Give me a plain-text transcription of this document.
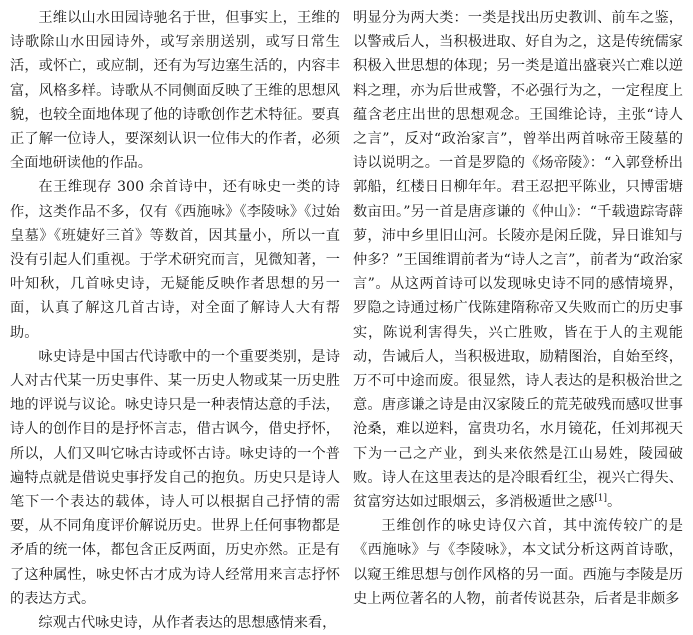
王维以山水田园诗驰名于世，但事实上，王维的诗歌除山水田园诗外，或写亲朋送别，或写日常生活，或怀亡，或应制，还有为写边塞生活的，内容丰富，风格多样。诗歌从不同侧面反映了王维的思想风貌，也较全面地体现了他的诗歌创作艺术特征。要真正了解一位诗人，要深刻认识一位伟大的作者，必须全面地研读他的作品。

在王维现存 300 余首诗中，还有咏史一类的诗作，这类作品不多，仅有《西施咏》《李陵咏》《过始皇墓》《班婕好三首》等数首，因其量小，所以一直没有引起人们重视。于学术研究而言，见微知著，一叶知秋，几首咏史诗，无疑能反映作者思想的另一面，认真了解这几首古诗，对全面了解诗人大有帮助。

咏史诗是中国古代诗歌中的一个重要类别，是诗人对古代某一历史事件、某一历史人物或某一历史胜地的评说与议论。咏史诗只是一种表情达意的手法，诗人的创作目的是抒怀言志，借古讽今，借史抒怀，所以，人们又叫它咏古诗或怀古诗。咏史诗的一个普遍特点就是借说史事抒发自己的抱负。历史只是诗人笔下一个表达的载体，诗人可以根据自己抒情的需要，从不同角度评价解说历史。世界上任何事物都是矛盾的统一体，都包含正反两面，历史亦然。正是有了这种属性，咏史怀古才成为诗人经常用来言志抒怀的表达方式。

综观古代咏史诗，从作者表达的思想感情来看，

明显分为两大类：一类是找出历史教训、前车之鉴，以警戒后人，当积极进取、好自为之，这是传统儒家积极入世思想的体现；另一类是道出盛衰兴亡难以逆料之理，亦为后世戒警，不必强行为之，一定程度上蕴含老庄出世的思想观念。王国维论诗，主张“诗人之言”，反对“政治家言”，曾举出两首咏帝王陵墓的诗以说明之。一首是罗隐的《炀帝陵》：“入郭登桥出郭船，红楼日日柳年年。君王忍把平陈业，只博雷塘数亩田。”另一首是唐彦谦的《仲山》：“千载遗踪寄薜萝，沛中乡里旧山河。长陵亦是闲丘陇，异日谁知与仲多？”王国维谓前者为“诗人之言”，前者为“政治家言”。从这两首诗可以发现咏史诗不同的感情境界，罗隐之诗通过杨广伐陈建隋称帝又失败而亡的历史事实，陈说利害得失，兴亡胜败，皆在于人的主观能动，告诫后人，当积极进取，励精图治，自始至终，万不可中途而废。很显然，诗人表达的是积极治世之意。唐彦谦之诗是由汉家陵丘的荒芜破残而感叹世事沧桑，难以逆料，富贵功名，水月镜花，任刘邦视天下为一己之产业，到头来依然是江山易姓，陵园破败。诗人在这里表达的是冷眼看红尘，视兴亡得失、贫富穷达如过眼烟云，多消极遁世之感[1]。

王维创作的咏史诗仅六首，其中流传较广的是《西施咏》与《李陵咏》，本文试分析这两首诗歌，以窥王维思想与创作风格的另一面。西施与李陵是历史上两位著名的人物，前者传说甚杂，后者是非颇多
